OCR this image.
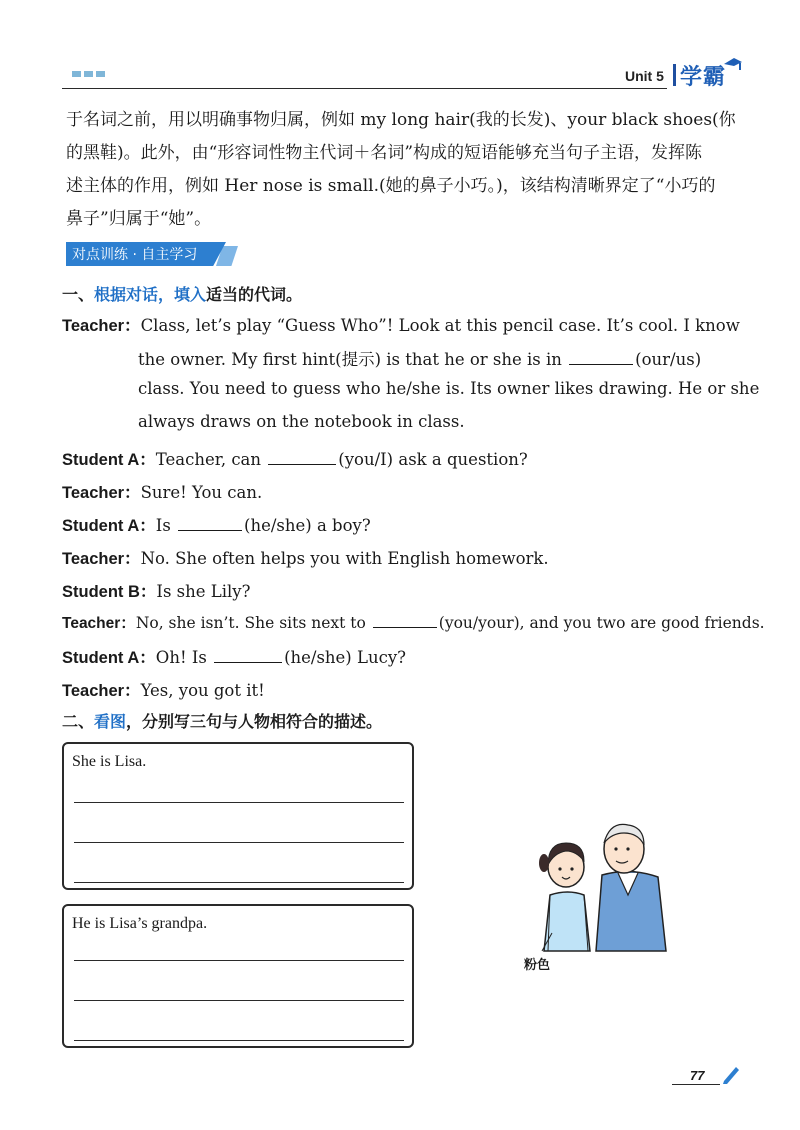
Unit 5 学霸

于名词之前，用以明确事物归属，例如 my long hair(我的长发)、your black shoes(你

的黑鞋)。此外，由“形容词性物主代词＋名词”构成的短语能够充当句子主语，发挥陈

述主体的作用，例如 Her nose is small.(她的鼻子小巧。)，该结构清晰界定了“小巧的

鼻子”归属于“她”。

对点训练 · 自主学习
一、根据对话，填入适当的代词。
Teacher：Class, let’s play “Guess Who”! Look at this pencil case. It’s cool. I know
the owner. My first hint(提示) is that he or she is in	(our/us)
class. You need to guess who he/she is. Its owner likes drawing. He or she
always draws on the notebook in class.
Student A：Teacher, can	(you/I) ask a question?
Teacher：Sure! You can.
Student A：Is	(he/she) a boy?
Teacher：No. She often helps you with English homework.
Student B：Is she Lily?
Teacher：No, she isn’t. She sits next to	(you/your), and you two are good friends.
Student A：Oh! Is	(he/she) Lucy?
Teacher：Yes, you got it!
二、看图，分别写三句与人物相符合的描述。
She is Lisa.
He is Lisa’s grandpa.
粉色
77
